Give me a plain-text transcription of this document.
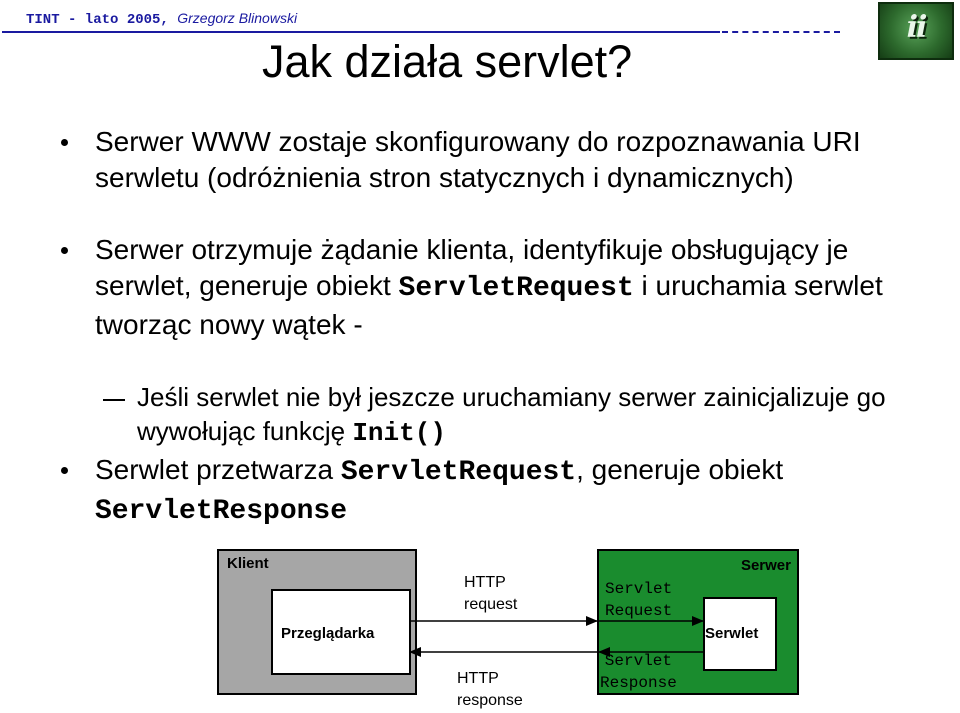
TINT - lato 2005, Grzegorz Blinowski	ii
Jak działa servlet?
Serwer WWW zostaje skonfigurowany do rozpoznawania URI serwletu (odróżnienia stron statycznych i dynamicznych)
Serwer otrzymuje żądanie klienta, identyfikuje obsługujący je serwlet, generuje obiekt ServletRequest i uruchamia serwlet tworząc nowy wątek -
Jeśli serwlet nie był jeszcze uruchamiany serwer zainicjalizuje go wywołując funkcję Init()
Serwlet przetwarza ServletRequest, generuje obiekt ServletResponse
Klient
Przeglądarka
Serwer
Serwlet
HTTP
request
HTTP
response
Servlet
Request
Servlet
Response
